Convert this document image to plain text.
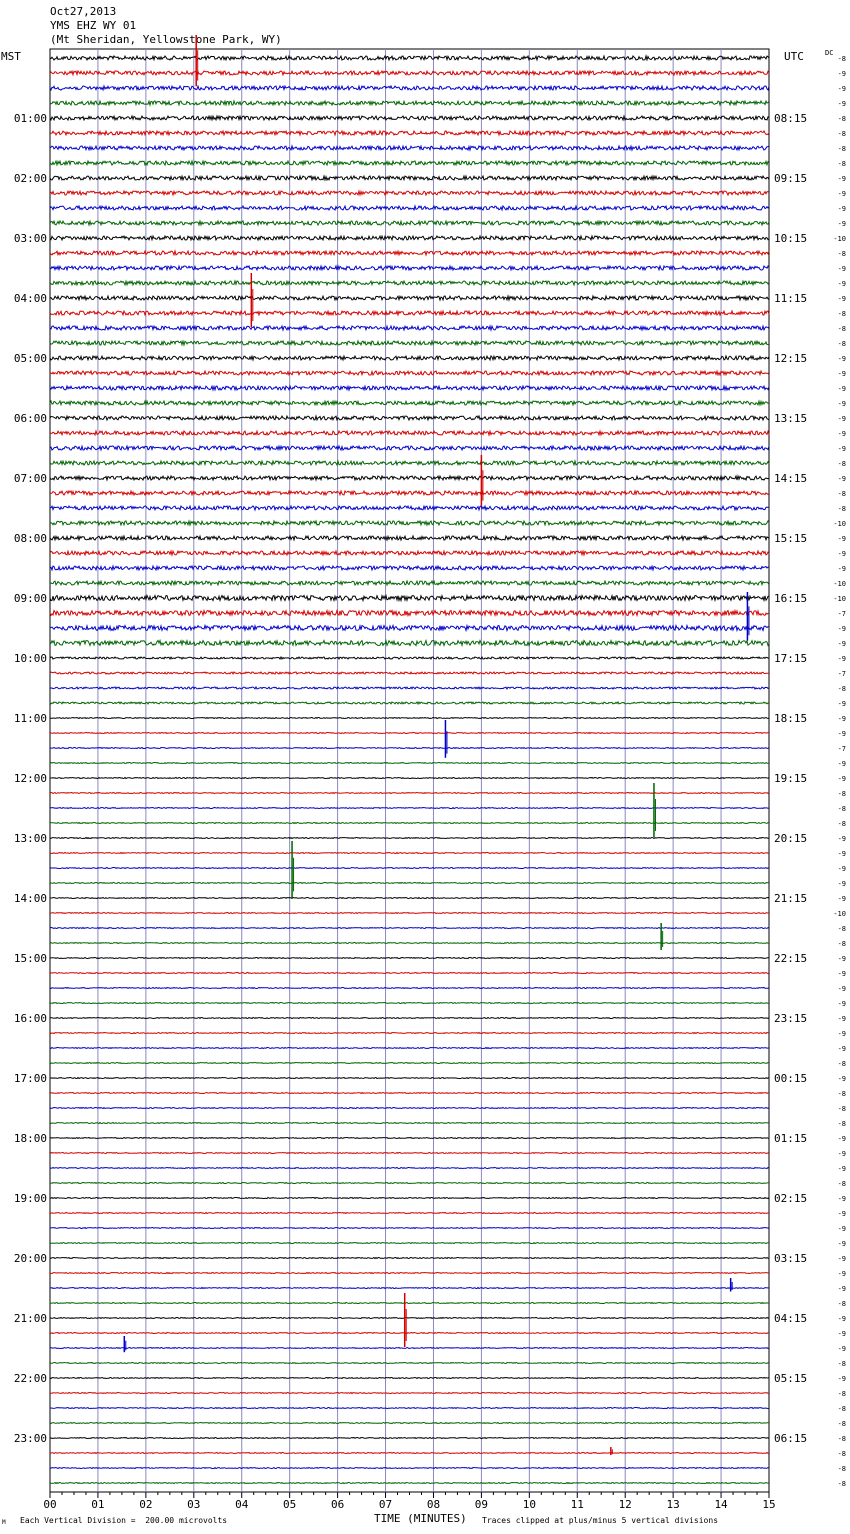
Oct27,2013
YMS EHZ WY 01
(Mt Sheridan, Yellowstone Park, WY)
MST	UTC	DC
00	01	02	03	04	05	06	07	08	09	10	11	12	13	14	15
-8
-9
-9
-9
-8
-8
-8
-8
-9
-9
-9
-9
-10
-8
-9
-9
-9
-8
-8
-8
-9
-9
-9
-9
-9
-9
-9
-8
-9
-8
-8
-10
-9
-9
-9
-10
-10
-7
-9
-9
-9
-7
-8
-9
-9
-9
-7
-9
-9
-8
-8
-8
-9
-9
-9
-9
-9
-10
-8
-8
-9
-9
-9
-9
-9
-9
-9
-8
-9
-8
-8
-8
-9
-9
-9
-8
-9
-9
-9
-9
-9
-9
-9
-8
-9
-9
-9
-8
-9
-8
-8
-8
-8
-8
-8
-8
01:00	08:15
02:00	09:15
03:00	10:15
04:00	11:15
05:00	12:15
06:00	13:15
07:00	14:15
08:00	15:15
09:00	16:15
10:00	17:15
11:00	18:15
12:00	19:15
13:00	20:15
14:00	21:15
15:00	22:15
16:00	23:15
17:00	00:15
18:00	01:15
19:00	02:15
20:00	03:15
21:00	04:15
22:00	05:15
23:00	06:15
TIME (MINUTES)
Each Vertical Division =  200.00 microvolts	Traces clipped at plus/minus 5 vertical divisions
M
